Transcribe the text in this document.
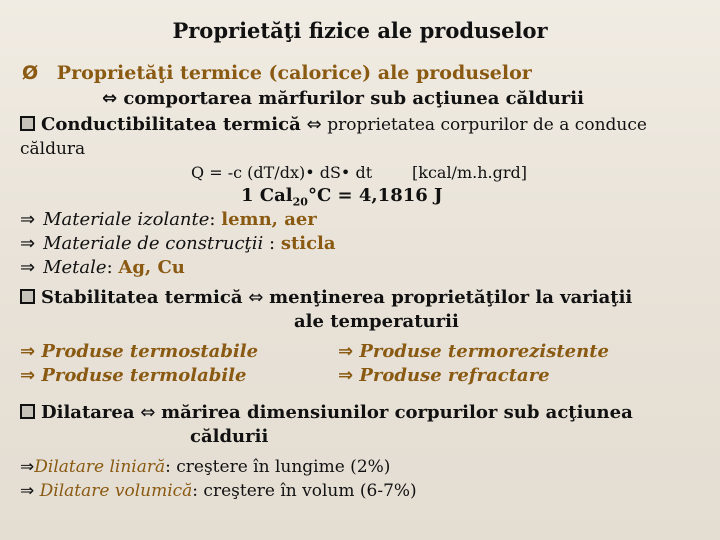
Proprietăţi fizice ale produselor
Ø Proprietăţi termice (calorice) ale produselor
⇔ comportarea mărfurilor sub acţiunea căldurii
Conductibilitatea termică ⇔ proprietatea corpurilor de a conduce
căldura
Q = -c (dT/dx)• dS• dt [kcal/m.h.grd]
1 Cal$_{20}$°C = 4,1816 J
⇒ Materiale izolante: lemn, aer
⇒ Materiale de construcţii : sticla
⇒ Metale: Ag, Cu
Stabilitatea termică ⇔ menţinerea proprietăţilor la variaţii
ale temperaturii
⇒ Produse termostabile
⇒ Produse termolabile
⇒ Produse termorezistente
⇒ Produse refractare
Dilatarea ⇔ mărirea dimensiunilor corpurilor sub acţiunea
căldurii
⇒Dilatare liniară: creştere în lungime (2%)
⇒ Dilatare volumică: creştere în volum (6-7%)
